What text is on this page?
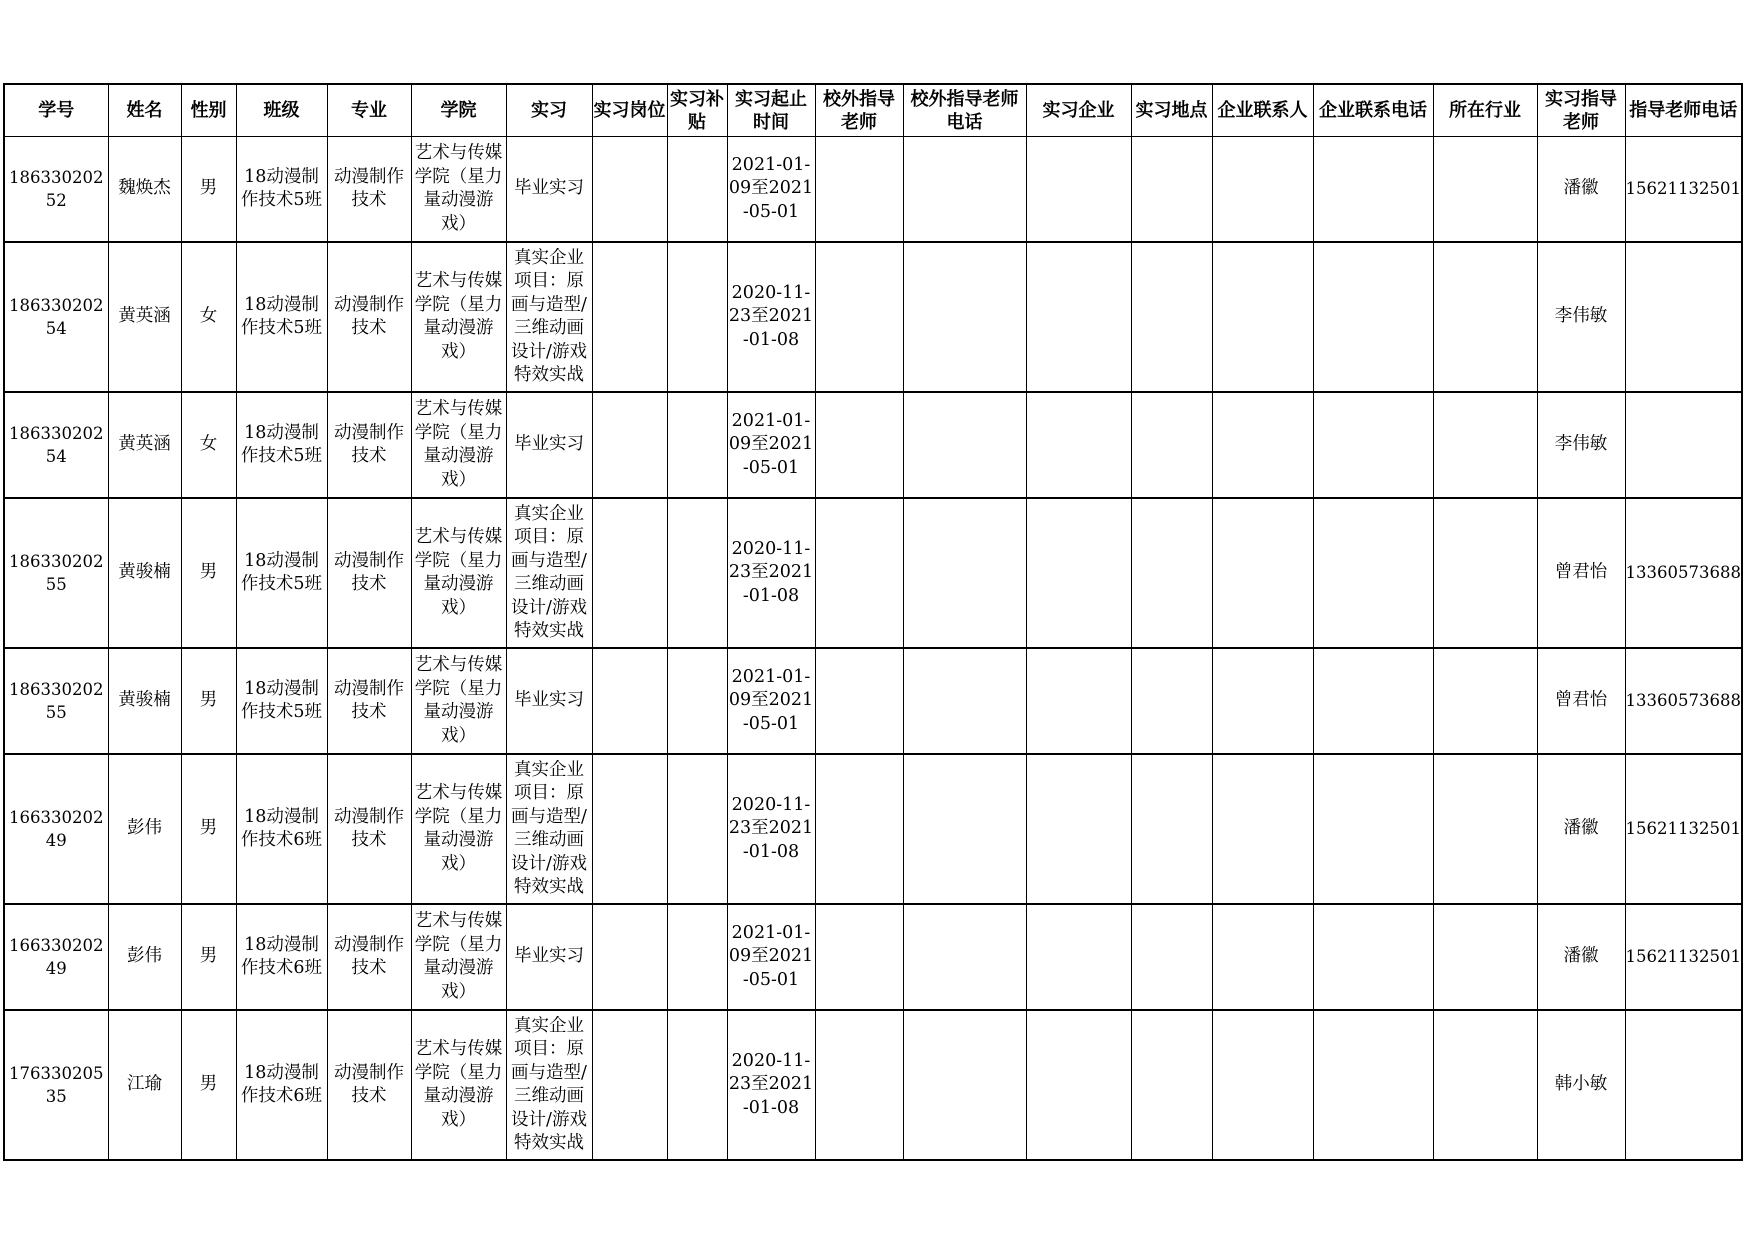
学号	姓名	性别	班级	专业	学院	实习	实习岗位	实习补贴	实习起止时间	校外指导老师	校外指导老师电话	实习企业	实习地点	企业联系人	企业联系电话	所在行业	实习指导老师	指导老师电话

18633020252	魏焕杰	男	18动漫制作技术5班	动漫制作技术	艺术与传媒学院（星力量动漫游戏）	毕业实习			2021-01-09至2021-05-01								潘徽	15621132501

18633020254	黄英涵	女	18动漫制作技术5班	动漫制作技术	艺术与传媒学院（星力量动漫游戏）	真实企业项目：原画与造型/三维动画设计/游戏特效实战			2020-11-23至2021-01-08								李伟敏	

18633020254	黄英涵	女	18动漫制作技术5班	动漫制作技术	艺术与传媒学院（星力量动漫游戏）	毕业实习			2021-01-09至2021-05-01								李伟敏	

18633020255	黄骏楠	男	18动漫制作技术5班	动漫制作技术	艺术与传媒学院（星力量动漫游戏）	真实企业项目：原画与造型/三维动画设计/游戏特效实战			2020-11-23至2021-01-08								曾君怡	13360573688

18633020255	黄骏楠	男	18动漫制作技术5班	动漫制作技术	艺术与传媒学院（星力量动漫游戏）	毕业实习			2021-01-09至2021-05-01								曾君怡	13360573688

16633020249	彭伟	男	18动漫制作技术6班	动漫制作技术	艺术与传媒学院（星力量动漫游戏）	真实企业项目：原画与造型/三维动画设计/游戏特效实战			2020-11-23至2021-01-08								潘徽	15621132501

16633020249	彭伟	男	18动漫制作技术6班	动漫制作技术	艺术与传媒学院（星力量动漫游戏）	毕业实习			2021-01-09至2021-05-01								潘徽	15621132501

17633020535	江瑜	男	18动漫制作技术6班	动漫制作技术	艺术与传媒学院（星力量动漫游戏）	真实企业项目：原画与造型/三维动画设计/游戏特效实战			2020-11-23至2021-01-08								韩小敏	
